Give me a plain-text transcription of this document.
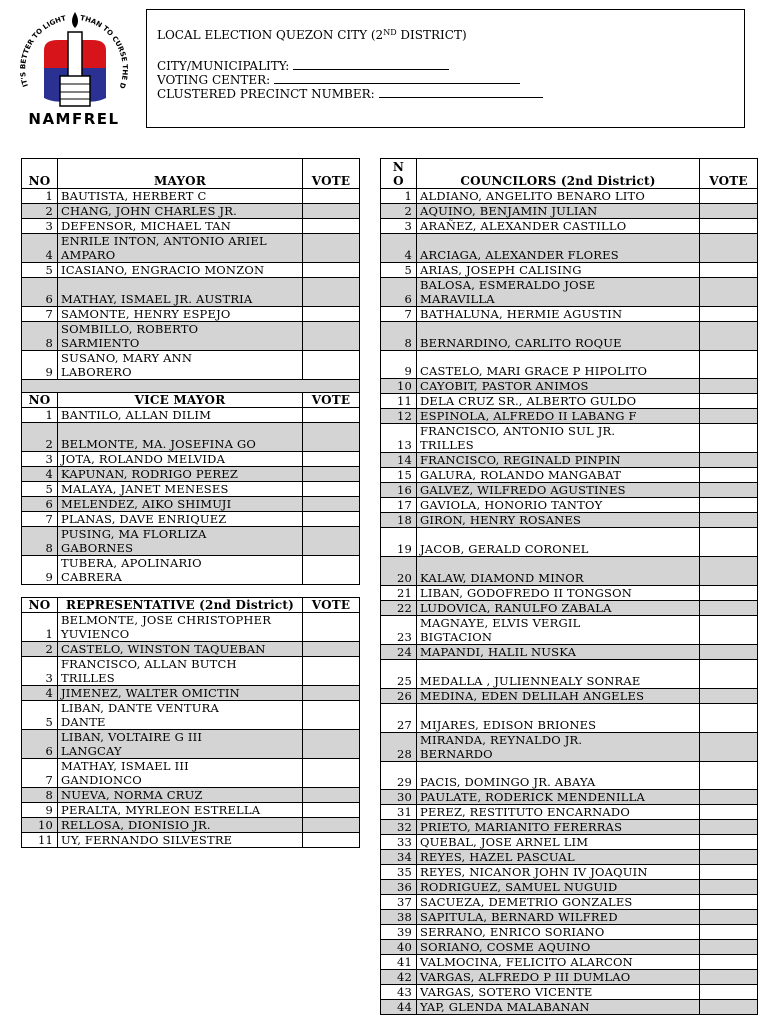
IT'S BETTER TO LIGHT	THAN TO CURSE THE D
NAMFREL
LOCAL ELECTION QUEZON CITY (2ND DISTRICT)
CITY/MUNICIPALITY:
VOTING CENTER:
CLUSTERED PRECINCT NUMBER:
NO	MAYOR	VOTE
1	BAUTISTA, HERBERT C	
2	CHANG, JOHN CHARLES JR.	
3	DEFENSOR, MICHAEL TAN	
4	ENRILE INTON, ANTONIO ARIEL
AMPARO	
5	ICASIANO, ENGRACIO MONZON	
6	MATHAY, ISMAEL JR. AUSTRIA	
7	SAMONTE, HENRY ESPEJO	
8	SOMBILLO, ROBERTO
SARMIENTO	
9	SUSANO, MARY ANN
LABORERO	

NO	VICE MAYOR	VOTE
1	BANTILO, ALLAN DILIM	
2	BELMONTE, MA. JOSEFINA GO	
3	JOTA, ROLANDO MELVIDA	
4	KAPUNAN, RODRIGO PEREZ	
5	MALAYA, JANET MENESES	
6	MELENDEZ, AIKO SHIMUJI	
7	PLANAS, DAVE ENRIQUEZ	
8	PUSING, MA FLORLIZA
GABORNES	
9	TUBERA, APOLINARIO
CABRERA	

NO	REPRESENTATIVE (2nd District)	VOTE
1	BELMONTE, JOSE CHRISTOPHER
YUVIENCO	
2	CASTELO, WINSTON TAQUEBAN	
3	FRANCISCO, ALLAN BUTCH
TRILLES	
4	JIMENEZ, WALTER OMICTIN	
5	LIBAN, DANTE VENTURA
DANTE	
6	LIBAN, VOLTAIRE G III
LANGCAY	
7	MATHAY, ISMAEL III
GANDIONCO	
8	NUEVA, NORMA CRUZ	
9	PERALTA, MYRLEON ESTRELLA	
10	RELLOSA, DIONISIO JR.	
11	UY, FERNANDO SILVESTRE	
N
O	COUNCILORS (2nd District)	VOTE
1	ALDIANO, ANGELITO BENARO LITO	
2	AQUINO, BENJAMIN JULIAN	
3	ARAÑEZ, ALEXANDER CASTILLO	
4	ARCIAGA, ALEXANDER FLORES	
5	ARIAS, JOSEPH CALISING	
6	BALOSA, ESMERALDO JOSE
MARAVILLA	
7	BATHALUNA, HERMIE AGUSTIN	
8	BERNARDINO, CARLITO ROQUE	
9	CASTELO, MARI GRACE P HIPOLITO	
10	CAYOBIT, PASTOR ANIMOS	
11	DELA CRUZ SR., ALBERTO GULDO	
12	ESPINOLA, ALFREDO II LABANG F	
13	FRANCISCO, ANTONIO SUL JR.
TRILLES	
14	FRANCISCO, REGINALD PINPIN	
15	GALURA, ROLANDO MANGABAT	
16	GALVEZ, WILFREDO AGUSTINES	
17	GAVIOLA, HONORIO TANTOY	
18	GIRON, HENRY ROSANES	
19	JACOB, GERALD CORONEL	
20	KALAW, DIAMOND MINOR	
21	LIBAN, GODOFREDO II TONGSON	
22	LUDOVICA, RANULFO ZABALA	
23	MAGNAYE, ELVIS VERGIL
BIGTACION	
24	MAPANDI, HALIL NUSKA	
25	MEDALLA , JULIENNEALY SONRAE	
26	MEDINA, EDEN DELILAH ANGELES	
27	MIJARES, EDISON BRIONES	
28	MIRANDA, REYNALDO JR.
BERNARDO	
29	PACIS, DOMINGO JR. ABAYA	
30	PAULATE, RODERICK MENDENILLA	
31	PEREZ, RESTITUTO ENCARNADO	
32	PRIETO, MARIANITO FERERRAS	
33	QUEBAL, JOSE ARNEL LIM	
34	REYES, HAZEL PASCUAL	
35	REYES, NICANOR JOHN IV JOAQUIN	
36	RODRIGUEZ, SAMUEL NUGUID	
37	SACUEZA, DEMETRIO GONZALES	
38	SAPITULA, BERNARD WILFRED	
39	SERRANO, ENRICO SORIANO	
40	SORIANO, COSME AQUINO	
41	VALMOCINA, FELICITO ALARCON	
42	VARGAS, ALFREDO P III DUMLAO	
43	VARGAS, SOTERO VICENTE	
44	YAP, GLENDA MALABANAN	
